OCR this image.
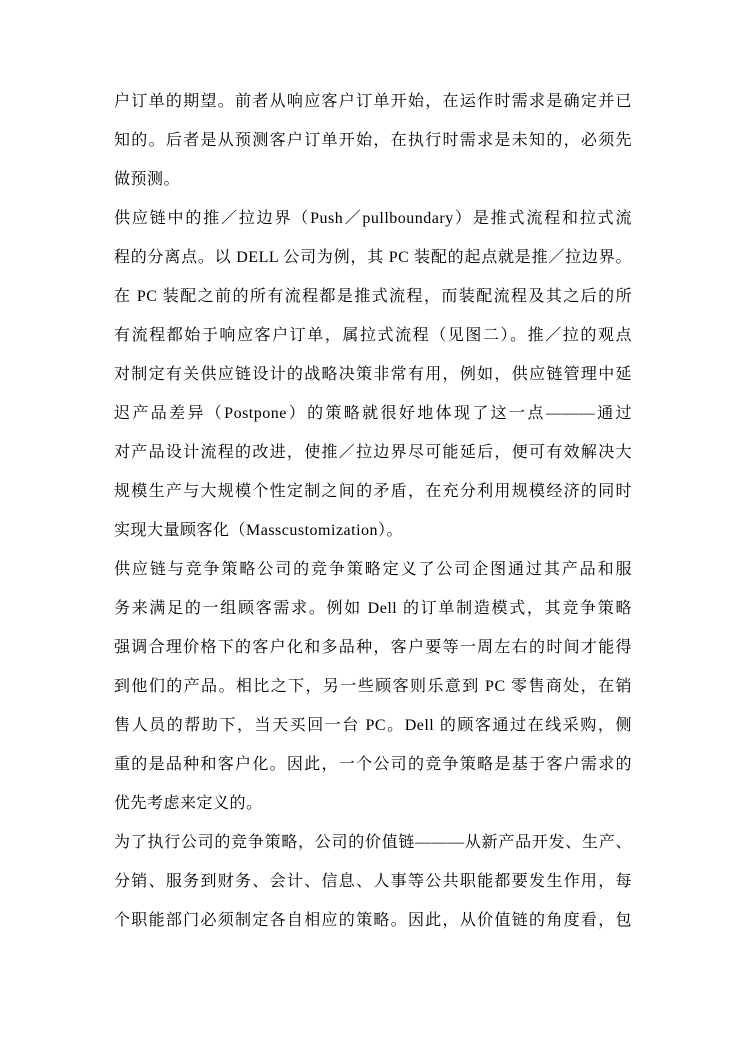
户订单的期望。前者从响应客户订单开始，在运作时需求是确定并已
知的。后者是从预测客户订单开始，在执行时需求是未知的，必须先
做预测。
供应链中的推／拉边界（Push／pullboundary）是推式流程和拉式流
程的分离点。以 DELL 公司为例，其 PC 装配的起点就是推／拉边界。
在 PC 装配之前的所有流程都是推式流程，而装配流程及其之后的所
有流程都始于响应客户订单，属拉式流程（见图二）。推／拉的观点
对制定有关供应链设计的战略决策非常有用，例如，供应链管理中延
迟产品差异（Postpone）的策略就很好地体现了这一点———通过
对产品设计流程的改进，使推／拉边界尽可能延后，便可有效解决大
规模生产与大规模个性定制之间的矛盾，在充分利用规模经济的同时
实现大量顾客化（Masscustomization）。
供应链与竞争策略公司的竞争策略定义了公司企图通过其产品和服
务来满足的一组顾客需求。例如 Dell 的订单制造模式，其竞争策略
强调合理价格下的客户化和多品种，客户要等一周左右的时间才能得
到他们的产品。相比之下，另一些顾客则乐意到 PC 零售商处，在销
售人员的帮助下，当天买回一台 PC。Dell 的顾客通过在线采购，侧
重的是品种和客户化。因此，一个公司的竞争策略是基于客户需求的
优先考虑来定义的。
为了执行公司的竞争策略，公司的价值链———从新产品开发、生产、
分销、服务到财务、会计、信息、人事等公共职能都要发生作用，每
个职能部门必须制定各自相应的策略。因此，从价值链的角度看，包
